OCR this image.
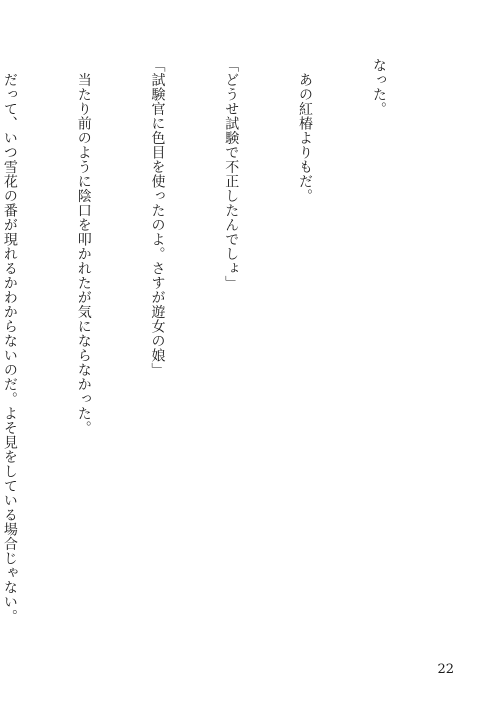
なった。

　あの紅椿よりもだ。

「どうせ試験で不正したんでしょ」

「試験官に色目を使ったのよ。さすが遊女の娘」

　当たり前のように陰口を叩かれたが気にならなかった。

　だって、いつ雪花の番が現れるかわからないのだ。よそ見をしている場合じゃない。

22
